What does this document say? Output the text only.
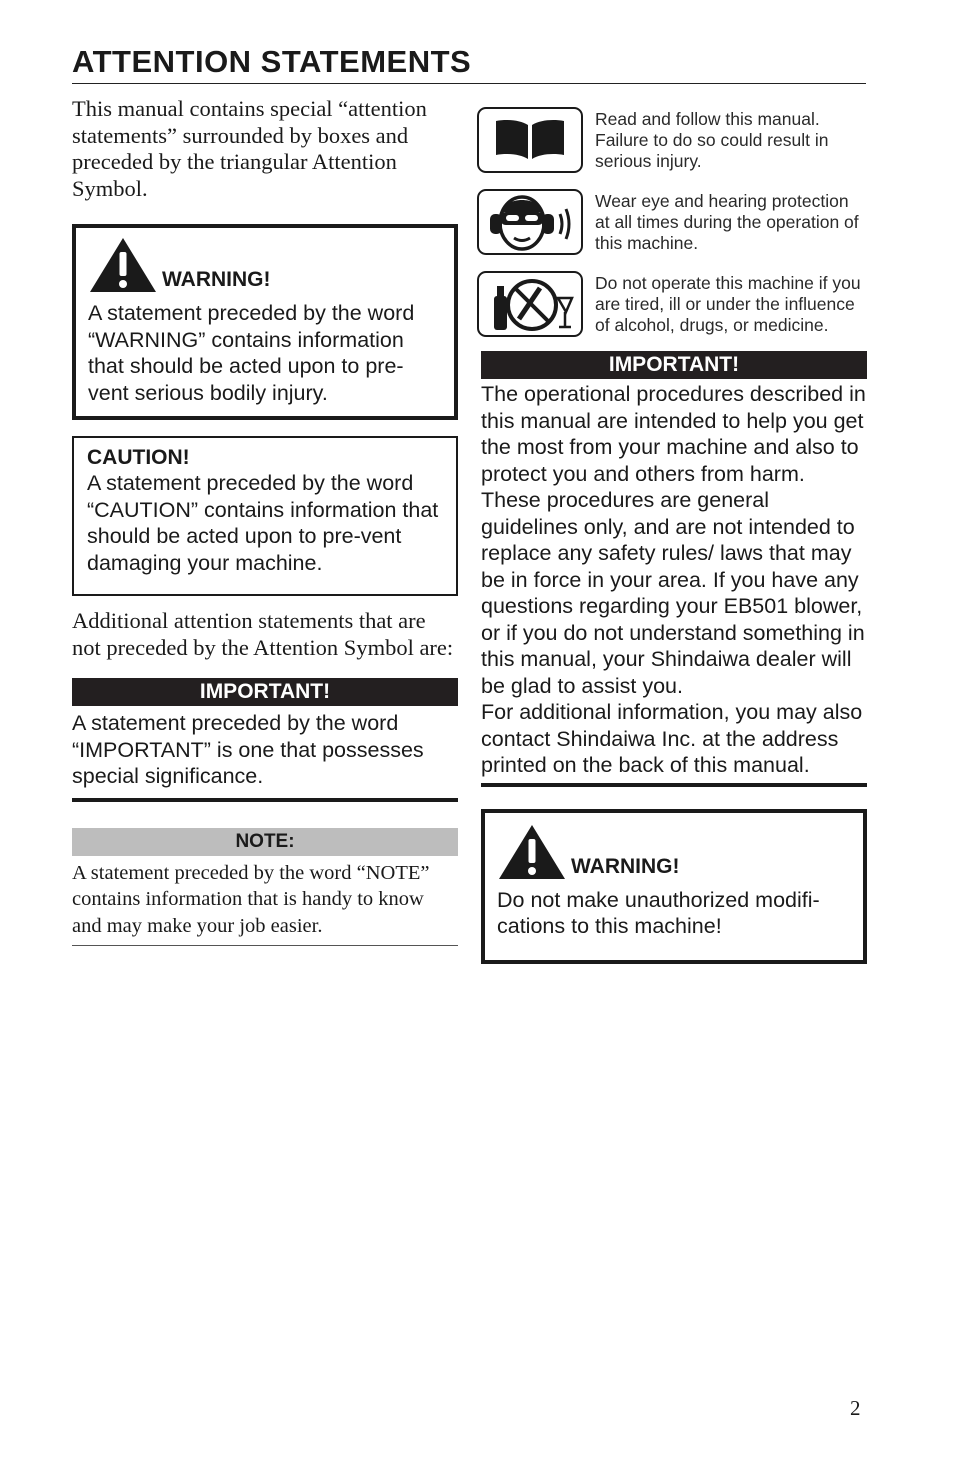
ATTENTION STATEMENTS

This manual contains special “attention statements” surrounded by boxes and preceded by the triangular Attention Symbol.

WARNING!

A statement preceded by the word “WARNING” contains information that should be acted upon to pre-vent serious bodily injury.

CAUTION!

A statement preceded by the word “CAUTION” contains information that should be acted upon to pre-vent damaging your machine.

Additional attention statements that are not preceded by the Attention Symbol are:

IMPORTANT!

A statement preceded by the word “IMPORTANT” is one that possesses special significance.

NOTE:

A statement preceded by the word “NOTE” contains information that is handy to know and may make your job easier.

Read and follow this manual. Failure to do so could result in serious injury.

Wear eye and hearing protection at all times during the operation of this machine.

Do not operate this machine if you are tired, ill or under the influence of alcohol, drugs, or medicine.

IMPORTANT!

The operational procedures described in this manual are intended to help you get the most from your machine and also to protect you and others from harm. These procedures are general guidelines only, and are not intended to replace any safety rules/ laws that may be in force in your area. If you have any questions regarding your EB501 blower, or if you do not understand something in this manual, your Shindaiwa dealer will be glad to assist you.

For additional information, you may also contact Shindaiwa Inc. at the address printed on the back of this manual.

WARNING!

Do not make unauthorized modifi-cations to this machine!

2
